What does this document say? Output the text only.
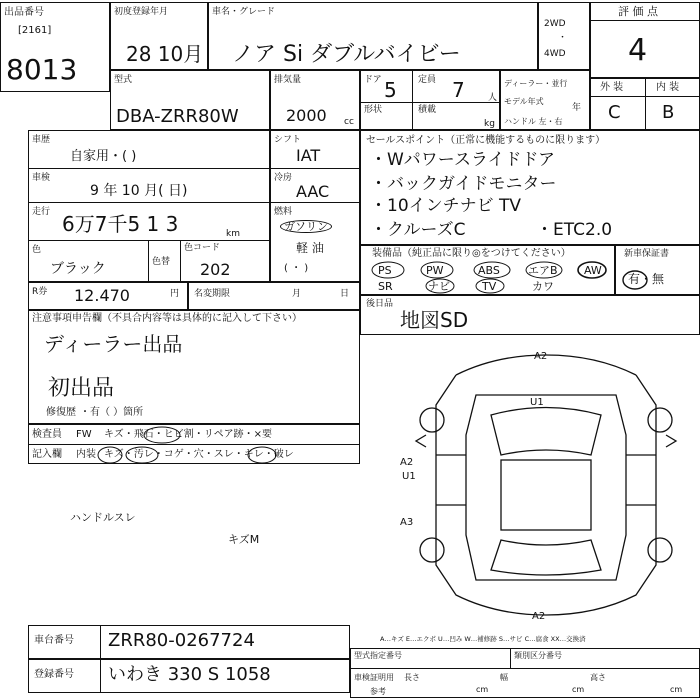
出品番号
[2161]
8013
初度登録年月
28 10月
車名・グレード
ノア Si ダブルバイビー
2WD
・
4WD
評 価 点
4
型式
DBA-ZRR80W
排気量
2000 cc
ドア 5 定員 7	人
形状	積載
kg
ディーラー・並行
モデル年式
年
ハンドル 左・右
外 装	内 装
C B
車歴
自家用・( )
車検
9 年 10 月( 日)
走行 6万7千5 1 3	km
色
ブラック	色替
色コード
202
シフト
IAT
冷房
AAC
燃料
ガソリン
軽 油
( ・ )
セールスポイント（正常に機能するものに限ります）
・Wパワースライドドア
・バックガイドモニター
・10インチナビ TV
・クルーズC	・ETC2.0
装備品（純正品に限り◎をつけてください）
PS	PW	ABS	エアB AW
SR	ナビ	TV	カワ
新車保証書
有・無
R券 12.470	円 名変期限	月	日
後日品
地図SD
注意事項申告欄（不具合内容等は具体的に記入して下さい）
ディーラー出品
初出品
修復歴 ・有（ ）箇所
検査員 FW キズ・飛石・ヒビ割・リペア跡・×要
記入欄 内装 キズ・汚レ・コゲ・穴・スレ・キレ・破レ
ハンドルスレ
キズM
A2
U1
A2
U1
A3
A2
A…キズ E…エクボ U…凹み W…補修跡 S…サビ C…腐食 XX…交換済
車台番号 ZRR80-0267724
登録番号 いわき 330 S 1058
型式指定番号	類別区分番号
車検証明用 長さ	幅	高さ
参考	cm	cm	cm
